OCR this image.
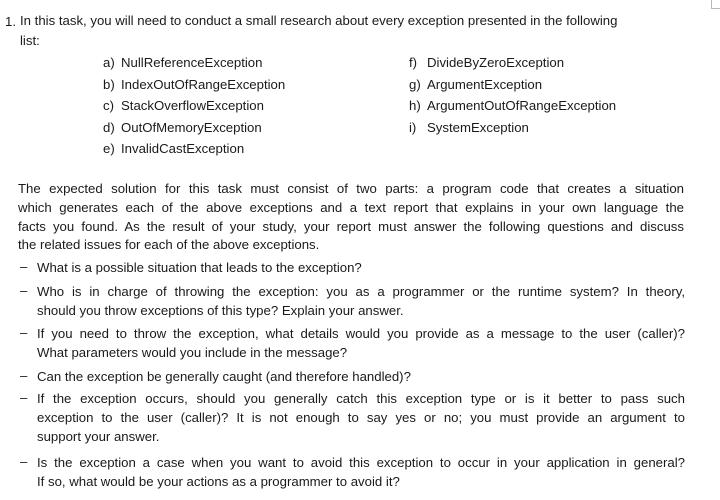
1. In this task, you will need to conduct a small research about every exception presented in the following
list:
a) NullReferenceException
b) IndexOutOfRangeException
c) StackOverflowException
d) OutOfMemoryException
e) InvalidCastException
f) DivideByZeroException
g) ArgumentException
h) ArgumentOutOfRangeException
i) SystemException
The expected solution for this task must consist of two parts: a program code that creates a situation
which generates each of the above exceptions and a text report that explains in your own language the
facts you found. As the result of your study, your report must answer the following questions and discuss
the related issues for each of the above exceptions.
– What is a possible situation that leads to the exception?
– Who is in charge of throwing the exception: you as a programmer or the runtime system? In theory,
should you throw exceptions of this type? Explain your answer.
– If you need to throw the exception, what details would you provide as a message to the user (caller)?
What parameters would you include in the message?
– Can the exception be generally caught (and therefore handled)?
– If the exception occurs, should you generally catch this exception type or is it better to pass such
exception to the user (caller)? It is not enough to say yes or no; you must provide an argument to
support your answer.
– Is the exception a case when you want to avoid this exception to occur in your application in general?
If so, what would be your actions as a programmer to avoid it?
